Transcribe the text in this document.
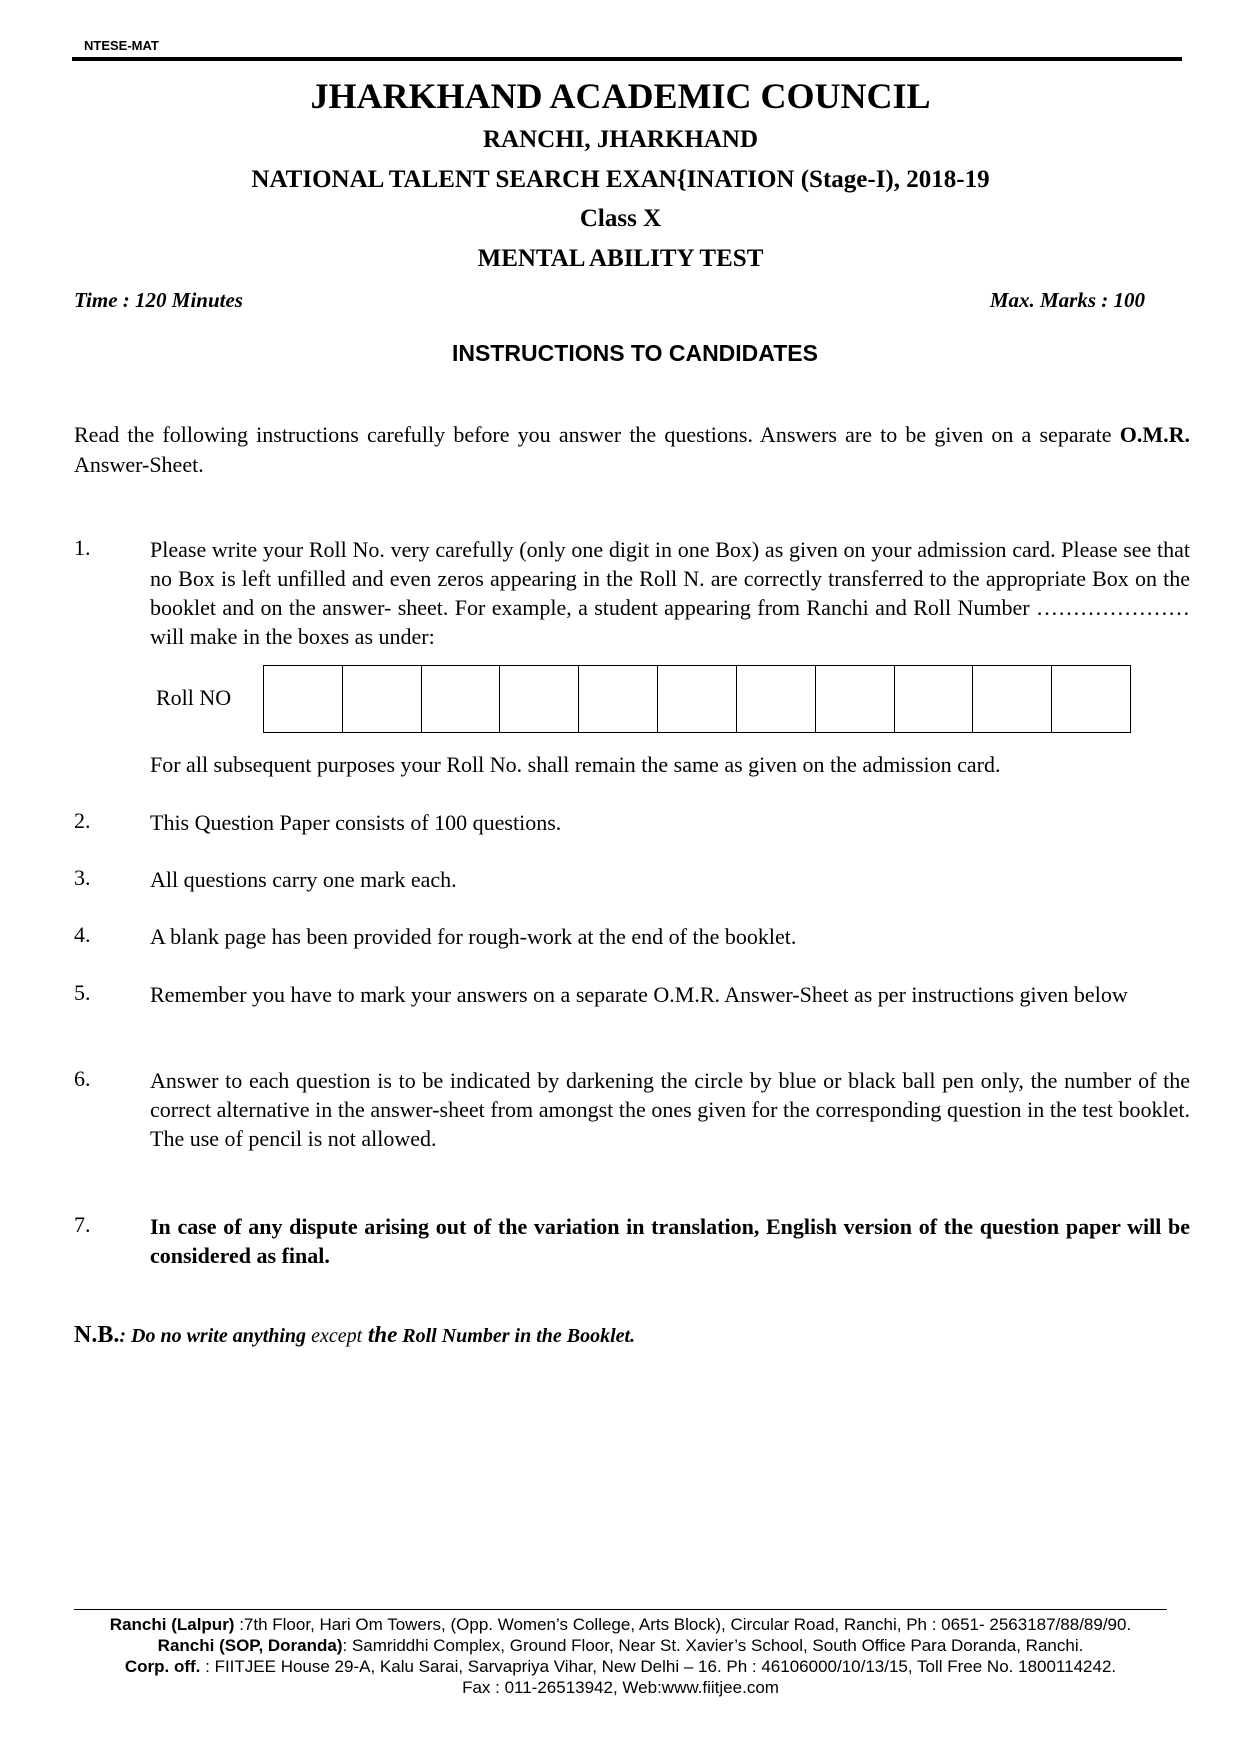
NTESE-MAT
JHARKHAND ACADEMIC COUNCIL
RANCHI, JHARKHAND
NATIONAL TALENT SEARCH EXAN{INATION (Stage-I), 2018-19
Class X
MENTAL ABILITY TEST
Time : 120 Minutes	Max. Marks : 100
INSTRUCTIONS TO CANDIDATES
Read the following instructions carefully before you answer the questions. Answers are to be given on a separate O.M.R. Answer-Sheet.
1.	Please write your Roll No. very carefully (only one digit in one Box) as given on your admission card. Please see that no Box is left unfilled and even zeros appearing in the Roll N. are correctly transferred to the appropriate Box on the booklet and on the answer- sheet. For example, a student appearing from Ranchi and Roll Number ………………… will make in the boxes as under:
Roll NO
For all subsequent purposes your Roll No. shall remain the same as given on the admission card.
2.	This Question Paper consists of 100 questions.
3.	All questions carry one mark each.
4.	A blank page has been provided for rough-work at the end of the booklet.
5.	Remember you have to mark your answers on a separate O.M.R. Answer-Sheet as per instructions given below
6.	Answer to each question is to be indicated by darkening the circle by blue or black ball pen only, the number of the correct alternative in the answer-sheet from amongst the ones given for the corresponding question in the test booklet. The use of pencil is not allowed.
7.	In case of any dispute arising out of the variation in translation, English version of the question paper will be considered as final.
N.B.: Do no write anything except the Roll Number in the Booklet.
Ranchi (Lalpur) :7th Floor, Hari Om Towers, (Opp. Women’s College, Arts Block), Circular Road, Ranchi, Ph : 0651- 2563187/88/89/90.
Ranchi (SOP, Doranda): Samriddhi Complex, Ground Floor, Near St. Xavier’s School, South Office Para Doranda, Ranchi.
Corp. off. : FIITJEE House 29-A, Kalu Sarai, Sarvapriya Vihar, New Delhi – 16. Ph : 46106000/10/13/15, Toll Free No. 1800114242.
Fax : 011-26513942, Web:www.fiitjee.com
